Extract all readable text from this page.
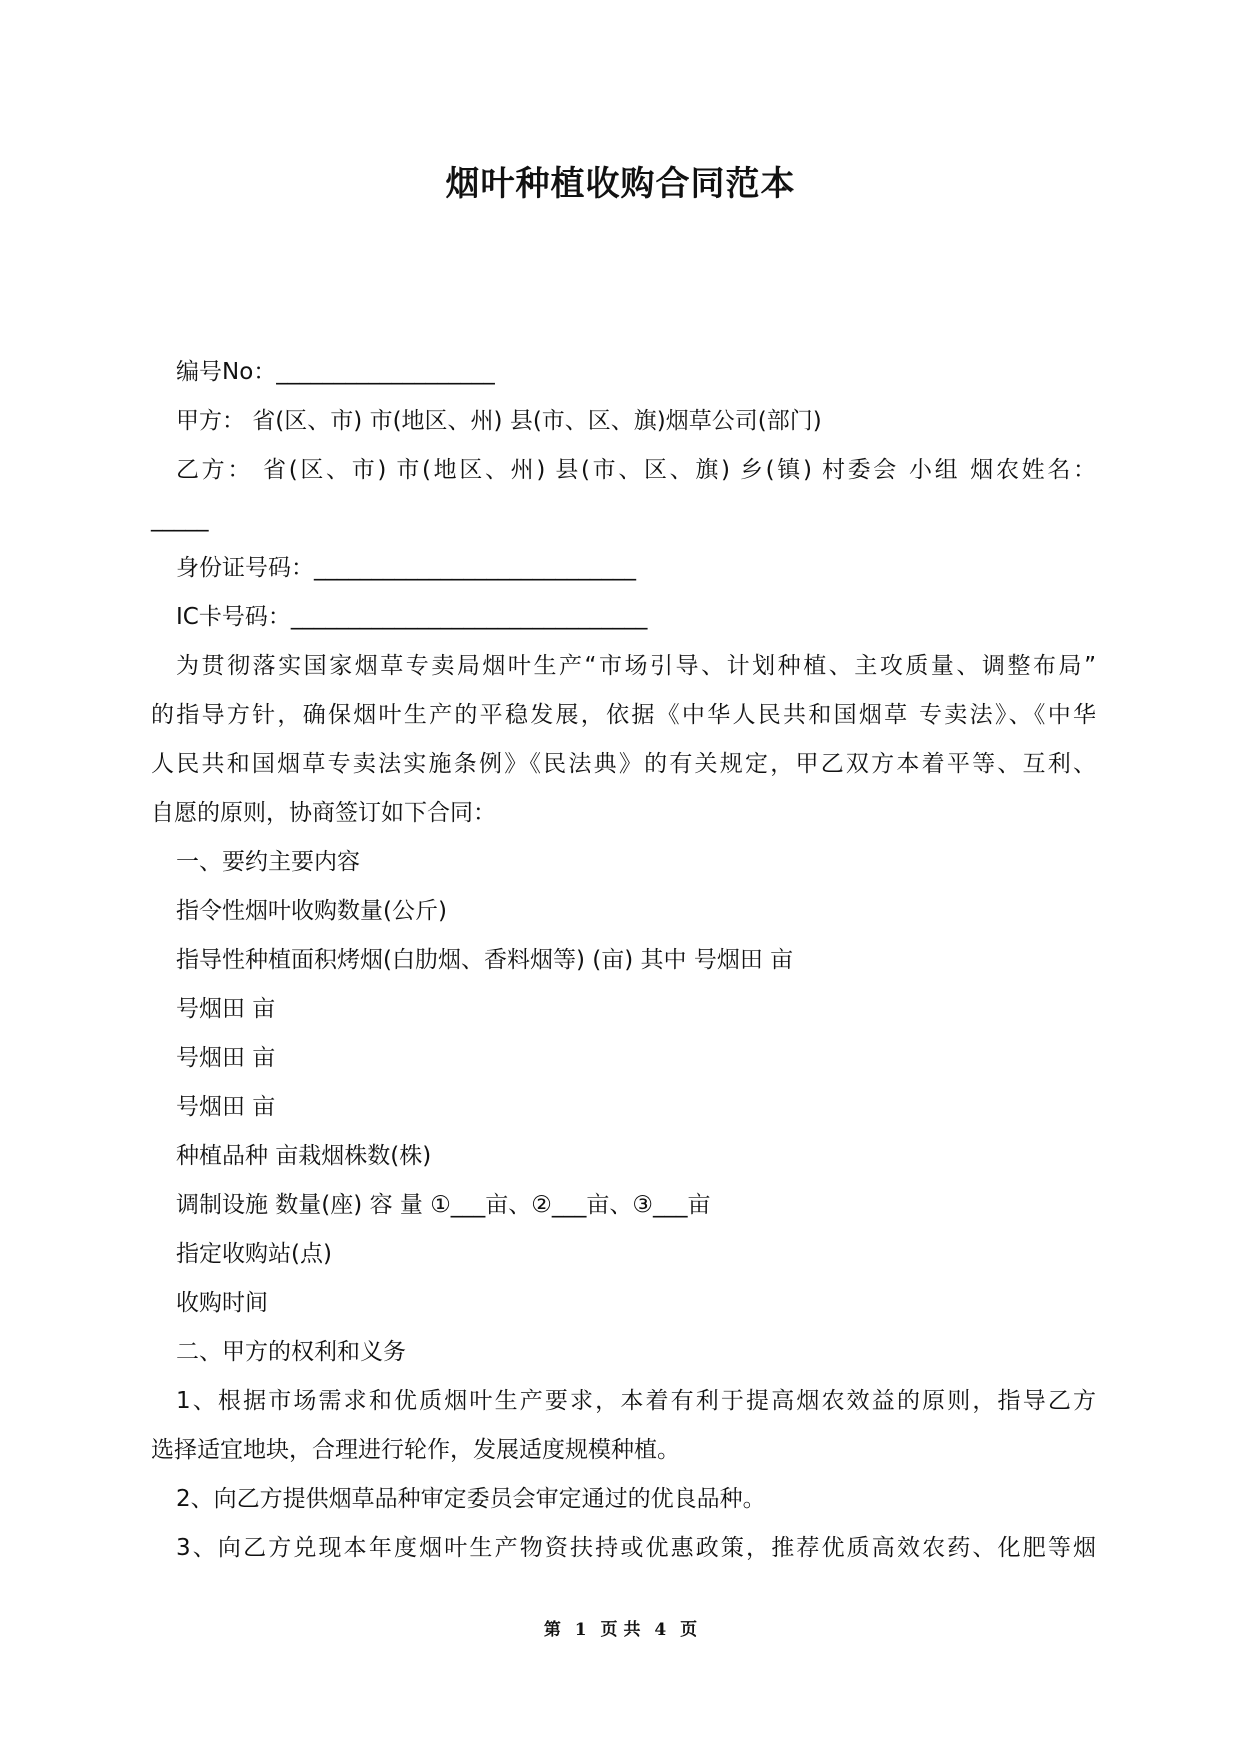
烟叶种植收购合同范本

编号No：___________________

甲方： 省(区、市) 市(地区、州) 县(市、区、旗)烟草公司(部门)

乙方： 省(区、市) 市(地区、州) 县(市、区、旗) 乡(镇) 村委会 小组 烟农姓名：

_____

身份证号码：____________________________

IC卡号码：_______________________________

为贯彻落实国家烟草专卖局烟叶生产“市场引导、计划种植、主攻质量、调整布局”

的指导方针，确保烟叶生产的平稳发展，依据《中华人民共和国烟草 专卖法》、《中华

人民共和国烟草专卖法实施条例》《民法典》的有关规定，甲乙双方本着平等、互利、

自愿的原则，协商签订如下合同：

一、要约主要内容

指令性烟叶收购数量(公斤)

指导性种植面积烤烟(白肋烟、香料烟等) (亩) 其中 号烟田 亩

号烟田 亩

号烟田 亩

号烟田 亩

种植品种 亩栽烟株数(株)

调制设施 数量(座) 容 量 ①___亩、②___亩、③___亩

指定收购站(点)

收购时间

二、甲方的权利和义务

1、根据市场需求和优质烟叶生产要求，本着有利于提高烟农效益的原则，指导乙方

选择适宜地块，合理进行轮作，发展适度规模种植。

2、向乙方提供烟草品种审定委员会审定通过的优良品种。

3、向乙方兑现本年度烟叶生产物资扶持或优惠政策，推荐优质高效农药、化肥等烟

第 1 页 共 4 页
